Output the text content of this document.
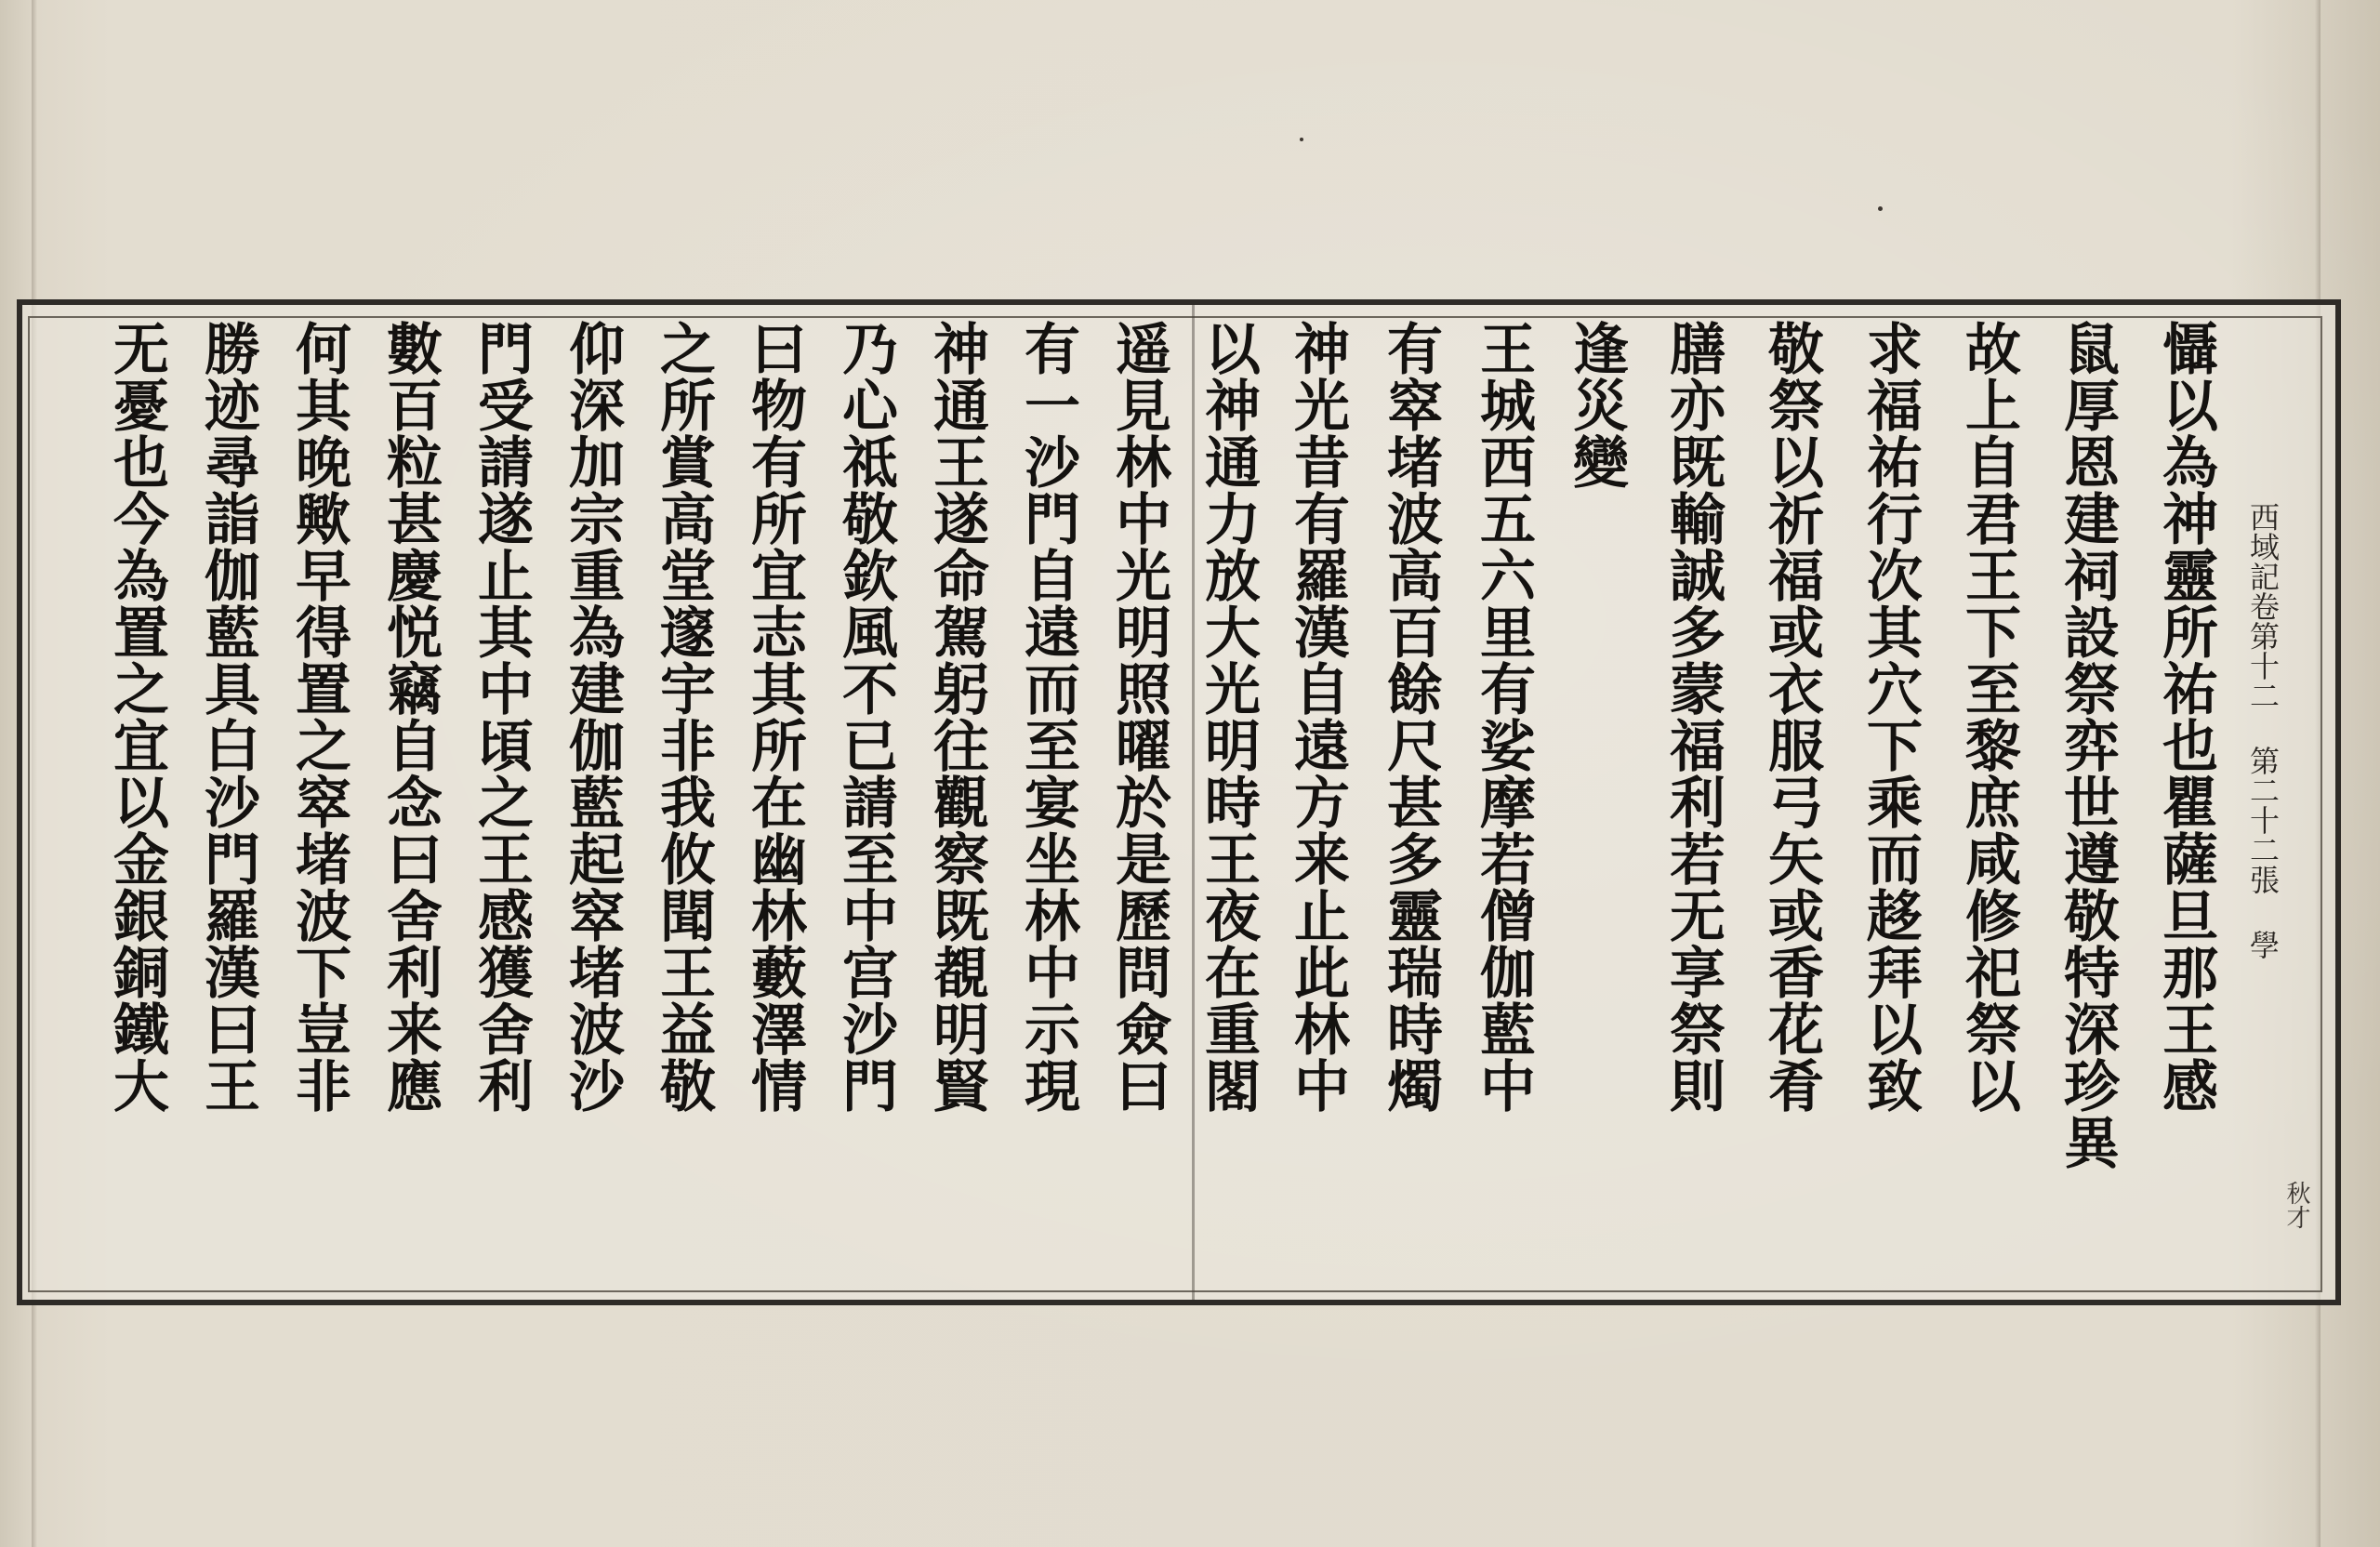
懾以為神靈所祐也瞿薩旦那王感
鼠厚恩建祠設祭弈世遵敬特深珍異
故上自君王下至黎庶咸修祀祭以
求福祐行次其穴下乘而趍拜以致
敬祭以祈福或衣服弓矢或香花肴
膳亦既輸誠多蒙福利若无享祭則
逢災變
王城西五六里有娑摩若僧伽藍中
有窣堵波高百餘尺甚多靈瑞時燭
神光昔有羅漢自遠方来止此林中
以神通力放大光明時王夜在重閣
遥見林中光明照曜於是歷問僉曰
有一沙門自遠而至宴坐林中示現
神通王遂命駕躬往觀察既覩明賢
乃心祗敬欽風不已請至中宫沙門
曰物有所宜志其所在幽林藪澤情
之所賞高堂邃宇非我攸聞王益敬
仰深加宗重為建伽藍起窣堵波沙
門受請遂止其中頃之王感獲舍利
數百粒甚慶悦竊自念曰舍利来應
何其晚歟早得置之窣堵波下豈非
勝迹尋詣伽藍具白沙門羅漢曰王
无憂也今為置之宜以金銀銅鐵大	西域記卷第十二 第二十二張 學
秋才
